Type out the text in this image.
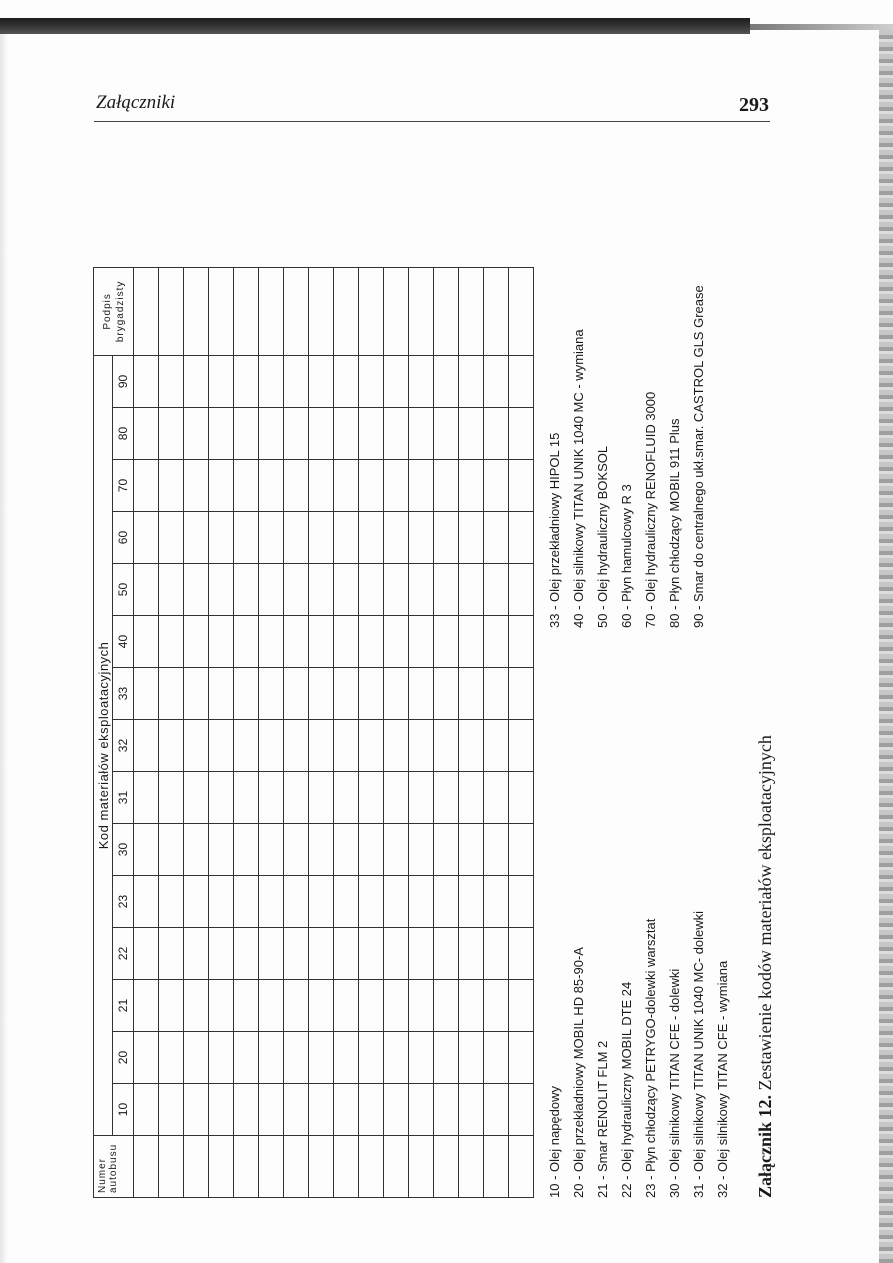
Załączniki	293
Numer autobusu	Kod materiałów eksploatacyjnych															Podpis brygadzisty

	10	20	21	22	23	30	31	32	33	40	50	60	70	80	90	

10 - Olej napędowy 20 - Olej przekładniowy MOBIL HD 85-90-A 21 - Smar RENOLIT FLM 2 22 - Olej hydrauliczny MOBIL DTE 24 23 - Płyn chłodzący PETRYGO-dolewki warsztat 30 - Olej silnikowy TITAN CFE - dolewki 31 - Olej silnikowy TITAN UNIK 1040 MC- dolewki 32 - Olej silnikowy TITAN CFE - wymiana
33 - Olej przekładniowy HIPOL 15 40 - Olej silnikowy TITAN UNIK 1040 MC - wymiana 50 - Olej hydrauliczny BOKSOL 60 - Płyn hamulcowy R 3 70 - Olej hydrauliczny RENOFLUID 3000 80 - Płyn chłodzący MOBIL 911 Plus 90 - Smar do centralnego ukł.smar. CASTROL GLS Grease
Załącznik 12. Zestawienie kodów materiałów eksploatacyjnych
